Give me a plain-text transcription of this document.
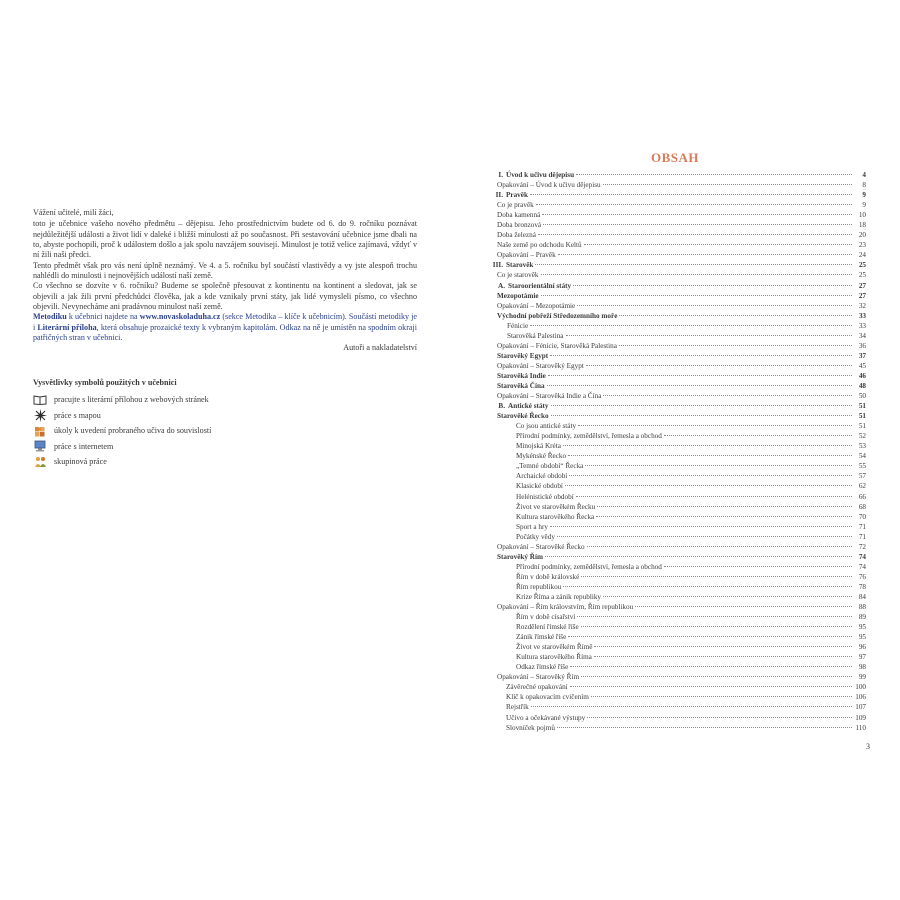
Vážení učitelé, milí žáci,

toto je učebnice vašeho nového předmětu – dějepisu. Jeho prostřednictvím budete od 6. do 9. ročníku poznávat nejdůležitější události a život lidí v daleké i bližší minulosti až po současnost. Při sestavování učebnice jsme dbali na to, abyste pochopili, proč k událostem došlo a jak spolu navzájem souvisejí. Minulost je totiž velice zajímavá, vždyť v ní žili naši předci.

Tento předmět však pro vás není úplně neznámý. Ve 4. a 5. ročníku byl součástí vlastivědy a vy jste alespoň trochu nahlédli do minulosti i nejnovějších událostí naší země.

Co všechno se dozvíte v 6. ročníku? Budeme se společně přesouvat z kontinentu na kontinent a sledovat, jak se objevili a jak žili první předchůdci člověka, jak a kde vznikaly první státy, jak lidé vymysleli písmo, co všechno objevili. Nevynecháme ani pradávnou minulost naší země.

Metodiku k učebnici najdete na www.novaskoladuha.cz (sekce Metodika – klíče k učebnicím). Součástí metodiky je i Literární příloha, která obsahuje prozaické texty k vybraným kapitolám. Odkaz na ně je umístěn na spodním okraji patřičných stran v učebnici.

Autoři a nakladatelství

Vysvětlivky symbolů použitých v učebnici
pracujte s literární přílohou z webových stránek
práce s mapou
úkoly k uvedení probraného učiva do souvislostí
práce s internetem
skupinová práce
OBSAH
I. Úvod k učivu dějepisu	4
Opakování – Úvod k učivu dějepisu	8
II. Pravěk	9
Co je pravěk	9
Doba kamenná	10
Doba bronzová	18
Doba železná	20
Naše země po odchodu Keltů	23
Opakování – Pravěk	24
III. Starověk	25
Co je starověk	25
A. Staroorientální státy	27
Mezopotámie	27
Opakování – Mezopotámie	32
Východní pobřeží Středozemního moře	33
Fénicie	33
Starověká Palestina	34
Opakování – Fénicie, Starověká Palestina	36
Starověký Egypt	37
Opakování – Starověký Egypt	45
Starověká Indie	46
Starověká Čína	48
Opakování – Starověká Indie a Čína	50
B. Antické státy	51
Starověké Řecko	51
Co jsou antické státy	51
Přírodní podmínky, zemědělství, řemesla a obchod	52
Minojská Kréta	53
Mykénské Řecko	54
„Temné období“ Řecka	55
Archaické období	57
Klasické období	62
Helénistické období	66
Život ve starověkém Řecku	68
Kultura starověkého Řecka	70
Sport a hry	71
Počátky vědy	71
Opakování – Starověké Řecko	72
Starověký Řím	74
Přírodní podmínky, zemědělství, řemesla a obchod	74
Řím v době královské	76
Řím republikou	78
Krize Říma a zánik republiky	84
Opakování – Řím královstvím, Řím republikou	88
Řím v době císařství	89
Rozdělení římské říše	95
Zánik římské říše	95
Život ve starověkém Římě	96
Kultura starověkého Říma	97
Odkaz římské říše	98
Opakování – Starověký Řím	99
Závěrečné opakování	100
Klíč k opakovacím cvičením	106
Rejstřík	107
Učivo a očekávané výstupy	109
Slovníček pojmů	110
3
